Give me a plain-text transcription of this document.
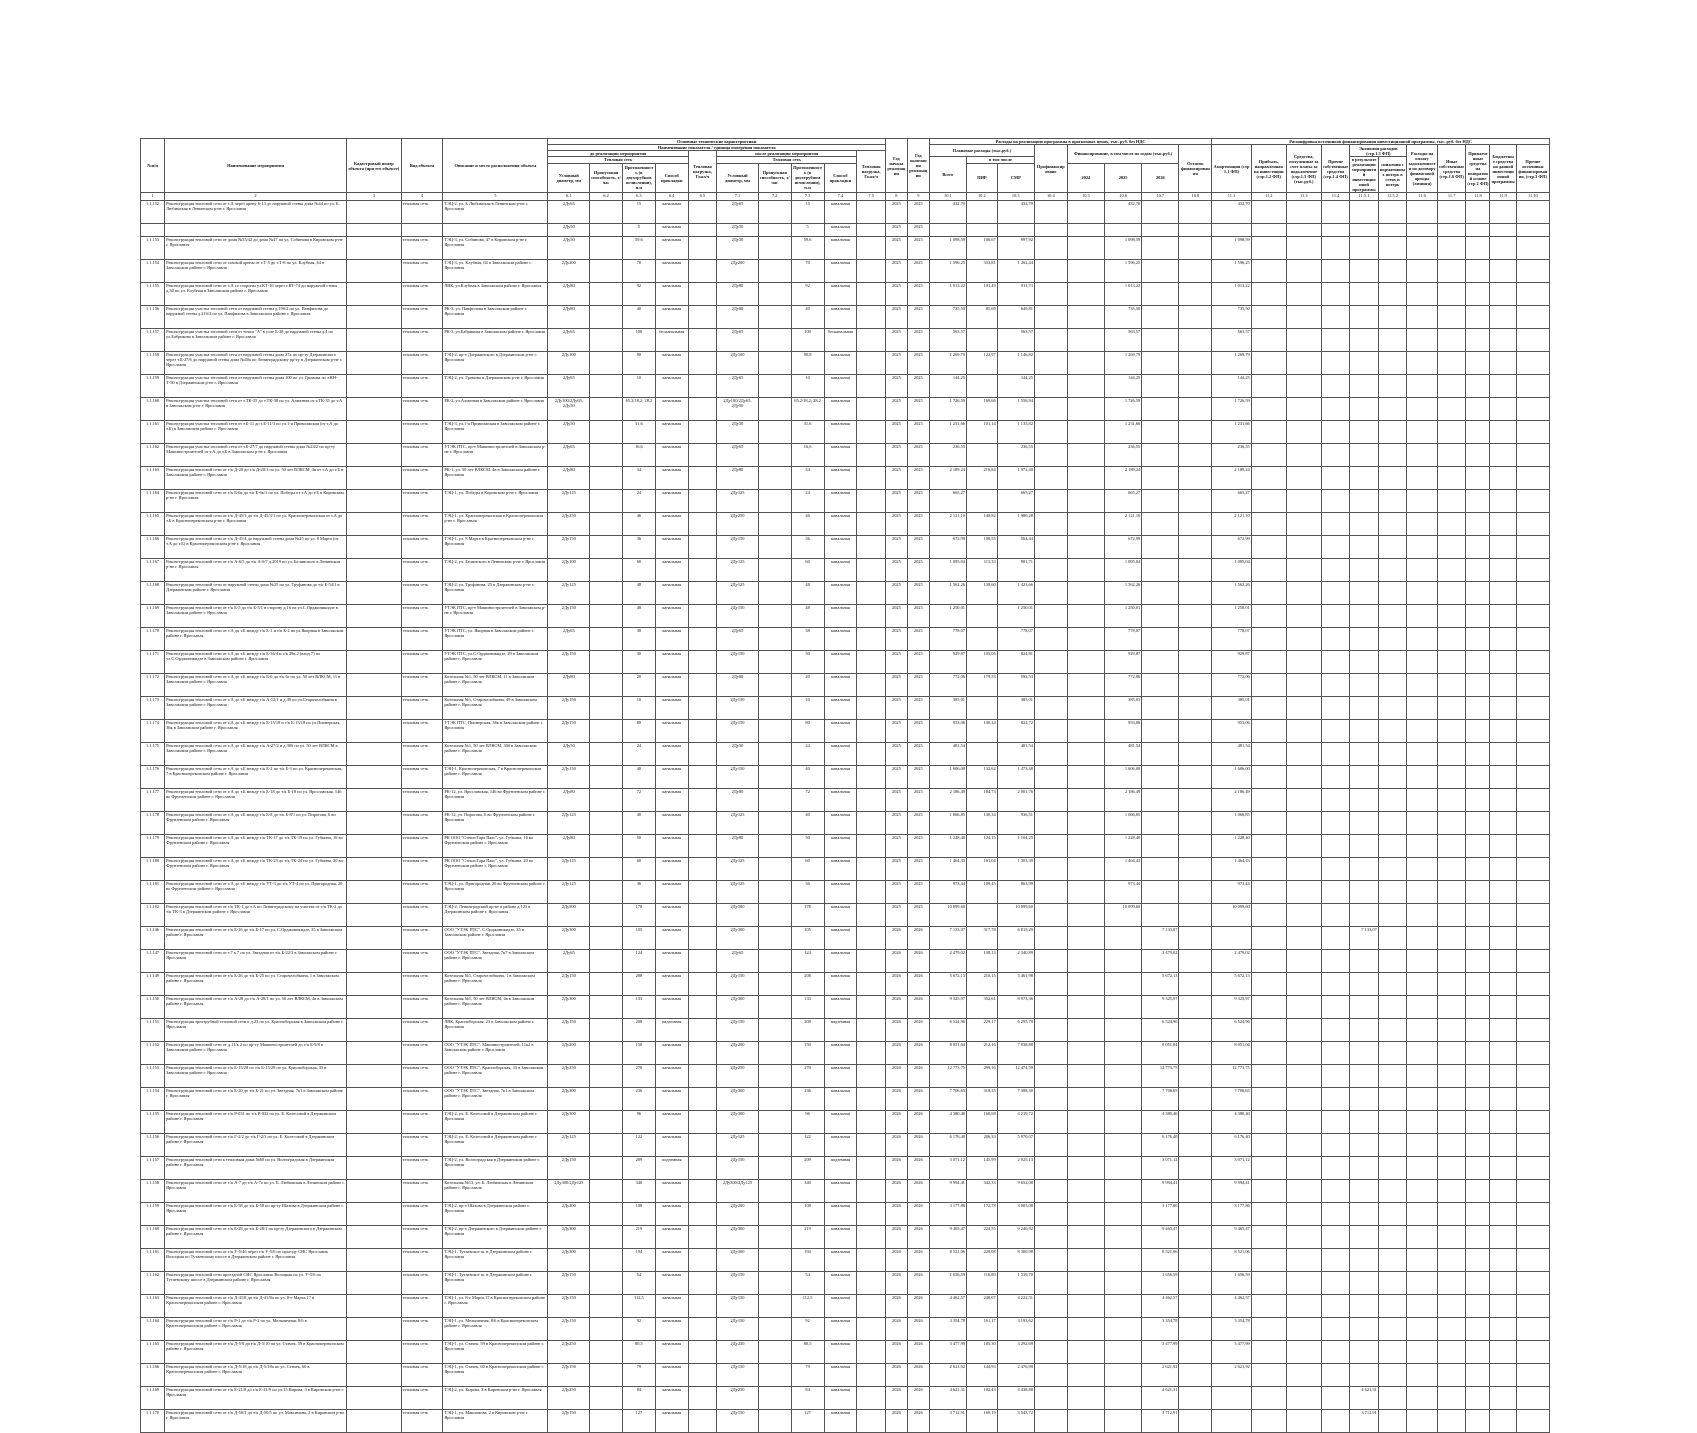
№п/п	Наименование мероприятия	Кадастровый номер объекта (при его объекте)	Вид объекта	Описание и место расположения объекта	Основные технические характеристики										Год начала реализации	Год окончания реализации	Расходы на реализацию программы в прогнозных ценах, тыс. руб. без НДС								Расшифровка источников финансирования инвестиционной программы, тыс. руб. без НДС										
					Наименование показателя / единица измерения показателя												Плановые расходы (тыс.руб.)			Профинансировано	Финансирование, в том числе по годам (тыс.руб.)			Остаток финансирования	Амортизация (стр 1.1 ФП)	Прибыль, направленная на инвестиции (стр.1.2 ФП)	Средства, полученные за счет платы за подключение (стр.1.3 ФП) (тыс.руб.)	Прочие собственные средства (стр.1.4 ФП)	Экономия расходов (стр.1.5 ФП)		Расходы на оплату задолженности по договору финансовой аренды (лизинга)	Иные собственные средства (стр.1.6 ФП)	Привлеченные средства на возвратной основе (стр 2 ФП)	Бюджетные средства на данной инвестиционной программы	Прочие источники финансирования, (стр.3 ФП)
					до реализации мероприятия				Тепловая нагрузка, Гкал/ч	после реализации мероприятия				Тепловая нагрузка, Гкал/ч																					
					Тепловая сеть					Тепловая сеть							Всего	в том числе											в результате реализации мероприятий инвестиционной программы	снижения с нормативных потерь в сетях и потерь					
					Условный диаметр, мм	Пропускная способность, т/час	Протяженность (в двухтрубном исчислении), п.м	Способ прокладки		Условный диаметр, мм	Пропускная способность, т/час	Протяженность (в двухтрубном исчислении), п.м	Способ прокладки					ПИР	СМР		2024	2025	2026												
1	2	3	4	5	6.1	6.2	6.3	6.4	6.5	7.1	7.2	7.3	7.4	7.5	8	9	10.1	10.2	10.3	10.4	10.5	10.6	10.7	10.8	11.1	11.2	11.3	11.4	11.5.1	11.5.2	11.6	11.7	11.8	11.9	11.10
1.1.152	Реконструкция тепловой сети от т.А через арену 6-13 до наружной стены дома №44 по ул. Б. Любимская в Ленинском р-не г. Ярославля		тепловая сеть	ТЭЦ-2, ул. Б.Любимская в Ленинском р-не г. Ярославля	2Ду65		15	канальная		2Ду65		15	канальная		2025	2025	432,70		432,70			432,70			432,70										
					2Ду50		5	канальная		2Ду50		5	канальная		2025	2025																			
1.1.153	Реконструкция тепловой сети от дома №55/42 до дома №47 по ул. Собинова в Кировском р-не г. Ярославля		тепловая сеть	ТЭЦ-3, ул. Собинова, 47 в Кировском р-не г. Ярославля	2Ду50		59,6	канальная		2Ду50		59,6	канальная		2025	2025	1 098,59	100,67	997,92			1 098,59			1 098,59										
1.1.154	Реконструкция тепловой сети от газовой арены от т.Т-5 до т.Т-6 по ул. Клубная, 64 в Заволжском районе г. Ярославля		тепловая сеть	ТЭЦ-3, ул. Клубная, 64 в Заволжском районе г. Ярославля	2Ду200		70	канальная		2Ду200		70	канальная		2025	2025	1 596,25	333,81	1 262,44			1 596,25			1 596,25										
1.1.155	Реконструкция тепловой сети от т.А со стороны ул.КТ-16 через т.КТ-74 до наружной стены д.30 по ул. Клубная в Заволжском районе г. Ярославля		тепловая сеть	ЛВК, ул.Клубная в Заволжском районе г. Ярославля	2Ду80		92	канальная		2Ду80		92	канальная		2025	2025	1 013,22	101,49	911,73			1 013,22			1 013,22										
1.1.156	Реконструкция участка тепловой сети от наружной стены д.19б/2 по ул. Панфилова до наружной стены д.21б/2 по ул. Панфилова в Заволжском районе г. Ярославля		тепловая сеть	РК-5, ул. Панфилова в Заволжском районе г. Ярославля	2Ду80		40	канальная		2Ду80		40	канальная		2025	2025	735,50	85,69	649,81			735,50			735,50										
1.1.157	Реконструкция участка тепловой сети от точки "А" в узле Б-28 до наружной стены д.4 по ул.Бабрикова в Заволжском районе г. Ярославля		тепловая сеть	РК-5, ул.Бабрикова в Заволжском районе г. Ярославля	2Ду65		100	бесканальная		2Ду65		100	бесканальная		2025	2025	563,57		563,57			563,57			563,57										
1.1.158	Реконструкция участка тепловой сети от наружной стены дома 27а по пр-ту Дзержинского через т.Б-27/6 до наружной стены дома №40а по Ленинградскому пр-ту в Дзержинском р-не г. Ярославля		тепловая сеть	ТЭЦ-2, пр-т Дзержинского в Дзержинском р-не г. Ярославля	2Ду100		90	канальная		2Ду100		90,8	канальная		2025	2025	1 269,79	122,97	1 146,82			1 269,79			1 269,79										
1.1.159	Реконструкция участка тепловой сети от наружной стены дома 100 по ул. Громова по т.КН-Т-50 в Дзержинском р-не г. Ярославля		тепловая сеть	ТЭЦ-2, ул. Громова в Дзержинском р-не г. Ярославля	2Ду65		10	канальная		2Ду65		10	канальная		2025	2025	144,25		144,25			144,25			144,25										
1.1.160	Реконструкция участка тепловой сети от т.ТК-35 до т.ТК-38 по ул. Алмазная от т.ТК-35 до т.А в Заволжском р-не г. Ярославля		тепловая сеть	РК-2, ул.Алмазная в Заволжском районе г. Ярославля	2Ду100/2Ду65, 2Ду50		65,2/18,2; 28,2	канальная		2Ду100/2Ду65, 2Ду50		65,2/18,2; 28,2	канальная		2025	2025	1 726,59	169,66	1 556,94			1 726,59			1 726,59										
1.1.161	Реконструкция участка тепловой сети от т.Б-11 до т.Б-11/3 по ул.1-я Приволжская (от т.А до т.Б) в Заволжском районе г. Ярославля		тепловая сеть	ТЭЦ-3, ул.1-я Приволжская в Заволжском районе г. Ярославля	2Ду50		31,6	канальная		2Ду50		31,6	канальная		2025	2025	1 231,66	101,14	1 135,82			1 231,66			1 231,66										
1.1.162	Реконструкция участка тепловой сети от т.Б-27/7 до наружной стены дома №24/2 по пр-ту Машиностроителей от т.А до т.Б в Заволжском р-не г. Ярославля		тепловая сеть	УТЭК ПТС, пр-т Машиностроителей в Заволжском р-не г. Ярославля	2Ду65		16,6	канальная		2Ду65		16,6	канальная		2025	2025	236,55		236,55			236,55			236,55										
1.1.163	Реконструкция тепловой сети от т/к Д-20 до т/к Д-20/1 по ул. 50 лет ВЛКСМ, 4в от т.А до т.Б в Заволжском районе г. Ярославля		тепловая сеть	РК-1, ул. 50 лет ВЛКСМ, 4в в Заволжском районе г. Ярославля	2Ду80		34	канальная		2Ду80		34	канальная		2025	2025	2 189,24	216,84	1 972,40			2 189,24			2 189,24										
1.1.164	Реконструкция тепловой сети от т/к Б-6к до т/к Б-6к/1 по ул. Победы от т.А до т.Б в Кировском р-не г. Ярославля		тепловая сеть	ТЭЦ-1, ул. Победы в Кировском р-не г. Ярославля	2Ду125		24	канальная		2Ду125		24	канальная		2025	2025	665,27		665,27			665,27			665,27										
1.1.165	Реконструкция тепловой сети от т/к Д-45/3 до т/к Д-45/3/1 по ул. Красноперекопская от т.А до т.Б в Красноперекопском р-не г. Ярославля		тепловая сеть	ТЭЦ-1, ул. Красноперекопская в Красноперекопском р-не г. Ярославля	2Ду250		46	канальная		2Ду250		46	канальная		2025	2025	2 121,10	140,82	1 980,28			2 121,10			2 121,10										
1.1.166	Реконструкция тепловой сети от т/к Д-41/4 до наружной стены дома №25 по ул. 8 Марта (от т.А до т.Б) в Красноперекопском р-не г. Ярославля		тепловая сеть	ТЭЦ-1, ул. 8 Марта в Красноперекопском р-не г. Ярославля	2Ду150		36	канальная		2Ду150		36	канальная		2025	2025	672,99	108,55	564,44			672,99			672,99										
1.1.167	Реконструкция тепловой сети от т/к А-6/5 до т/к А-6/7 д.2019 по ул. Белинского в Ленинском р-не г. Ярославля		тепловая сеть	ТЭЦ-2, ул. Белинского в Ленинском р-не г. Ярославля	2Ду100		60	канальная		2Ду125		60	канальная		2025	2025	1 095,04	113,33	981,71			1 095,04			1 095,04										
1.1.168	Реконструкция тепловой сети от наружной стены дома №25 по ул. Труфанова до т/к Б-54/1 в Дзержинском районе г. Ярославля		тепловая сеть	ТЭЦ-2, ул. Труфанова, 25 в Дзержинском р-не г. Ярославля	2Ду125		48	канальная		2Ду125		48	канальная		2025	2025	1 562,26	138,60	1 423,66			1 562,26			1 562,26										
1.1.169	Реконструкция тепловой сети от т/к Б-5 до т/к Б-5/1 в сторону д.16 на ул.С.Орджоникидзе в Заволжском районе г. Ярославля		тепловая сеть	УТЭК ПТС, пр-т Машиностроителей в Заволжском р-не г. Ярославля	2Ду150		48	канальная		2Ду150		48	канальная		2025	2025	1 250,01		1 250,01			1 250,01			1 250,01										
1.1.170	Реконструкция тепловой сети от т.А до т.Б между т/к Б-1 и т/к Б-2 на ул.Якорная в Заволжском районе г. Ярославля		тепловая сеть	УТЭК ПТС, ул. Якорная в Заволжском районе г. Ярославля	2Ду65		38	канальная		2Ду65		38	канальная		2025	2025	778,07		778,07			778,07			778,07										
1.1.171	Реконструкция тепловой сети от т.А до т.Б между т/к Б-36/4 и т/к 29к,2 (вход 7) по ул.С.Орджоникидзе в Заволжском районе г. Ярославля		тепловая сеть	УТЭК ПТС, ул.С.Орджоникидзе, 29 в Заволжском районе г. Ярославля	2Ду150		30	канальная		2Ду150		30	канальная		2025	2025	929,87	105,06	824,81			929,87			929,87										
1.1.172	Реконструкция тепловой сети от т.А до т.Б между т/к Б-6 до т/к 6г по ул. 50 лет ВЛКСМ, 11 в Заволжском районе г. Ярославля		тепловая сеть	Котельная №1, 50 лет ВЛКСМ, 11 в Заволжском районе г. Ярославля	2Ду80		20	канальная		2Ду80		20	канальная		2025	2025	772,06	179,53	592,53			772,06			772,06										
1.1.173	Реконструкция тепловой сети от т.А до т.Б между т/к А-12/1 и д.49 по ул.Старочелобкина в Заволжском районе г. Ярославля		тепловая сеть	Котельная №1, Старочелобкина, 49 в Заволжском районе г. Ярославля	2Ду150		10	канальная		2Ду150		10	канальная		2025	2025	385,01		385,01			385,01			385,01										
1.1.174	Реконструкция тепловой сети от т.А до т.Б между т/к Б-15/18 и т/к Б-15/18 по ул.Пионерская, 36к в Заволжском районе г. Ярославля		тепловая сеть	УТЭК ПТС, Пионерская, 36к в Заволжском районе г. Ярославля	2Ду150		80	канальная		2Ду150		80	канальная		2025	2025	953,06	130,34	822,72			953,06			953,06										
1.1.175	Реконструкция тепловой сети от т.А до т.Б между т/к А-27/2 и д.30б по ул. 50 лет ВЛКСМ в Заволжском районе г. Ярославля		тепловая сеть	Котельная №1, 50 лет ВЛКСМ, 30б в Заволжском районе г. Ярославля	2Ду50		24	канальная		2Ду50		24	канальная		2025	2025	481,54		481,54			481,54			481,54										
1.1.176	Реконструкция тепловой сети от т.А до т.Б между т/к Б-2 по т/к Б-3 по ул. Красноперекопская, 7 в Красноперекопском районе г. Ярославля		тепловая сеть	ТЭЦ-1, Красноперекопская, 7 в Красноперекопском районе г. Ярославля	2Ду150		40	канальная		2Ду150		40	канальная		2025	2025	1 606,00	132,62	1 473,38			1 606,00			1 606,00										
1.1.177	Реконструкция тепловой сети от т.А до т.Б между т/к Б-18 до т/к Б-18 по ул. Ярославская, 146 во Фрунзенском районе г. Ярославля		тепловая сеть	РК-12, ул. Ярославская, 146 во Фрунзенском районе г. Ярославля	2Ду80		72	канальная		2Ду80		72	канальная		2025	2025	2 186,49	184,73	2 001,76			2 186,49			2 186,49										
1.1.178	Реконструкция тепловой сети от т.А до т.Б между т/к Б-8 до т/к Б-8/1 по ул. Пирогова, 6 во Фрунзенском районе г. Ярославля		тепловая сеть	РК-12, ул. Пирогова, 6 во Фрунзенском районе г. Ярославля	2Ду125		40	канальная		2Ду125		40	канальная		2025	2025	1 066,85	130,34	936,51			1 066,85			1 066,85										
1.1.179	Реконструкция тепловой сети от т.А до т.Б между т/к ТК-17 до т/к ТК-19 по ул. Губкина, 16 во Фрунзенском районе г. Ярославля		тепловая сеть	РК ООО "СтеклоТара Пакс", ул. Губкина, 16 во Фрунзенском районе г. Ярославля	2Ду80		50	канальная		2Ду80		50	канальная		2025	2025	1 228,40	124,15	1 104,25			1 228,40			1 228,40										
1.1.180	Реконструкция тепловой сети от т.А до т.Б между т/к ТК-23 до т/к ТК-24 по ул. Губкина, 20 во Фрунзенском районе г. Ярославля		тепловая сеть	РК ООО "СтеклоТара Пакс", ул. Губкина, 20 во Фрунзенском районе г. Ярославля	2Ду125		60	канальная		2Ду125		60	канальная		2025	2025	1 464,43	161,04	1 303,39			1 464,43			1 464,43										
1.1.181	Реконструкция тепловой сети от т.А до т.Б между т/к УТ-3 до т/к УТ-4 по ул. Пригородная, 20 во Фрунзенском районе г. Ярославля		тепловая сеть	ТЭЦ-1, ул. Пригородная, 20 во Фрунзенском районе г. Ярославля	2Ду125		36	канальная		2Ду125		36	канальная		2025	2025	973,44	109,45	863,99			973,44			973,44										
1.1.182	Реконструкция тепловой сети от т/к ТК-1 до т.А по Ленинградскому на участке от т/к ТК-2 до т/к ТК-3 в Дзержинском районе г. Ярославля		тепловая сеть	ТЭЦ-2, Ленинградский пр-кт в районе д.123 в Дзержинском районе г. Ярославля	2Ду500		178	канальная		2Ду500		178	канальная		2025	2025	10 099,60		10 099,60			10 099,60			10 099,60										
1.1.146	Реконструкция тепловой сети от т/к Б-16 до т/к Б-17 по ул. С.Орджоникидзе, 35 в Заволжском районе г. Ярославля		тепловая сеть	ООО "УТЭК ПТС", С.Орджоникидзе, 35 в Заволжском районе г. Ярославля	2Ду300		105	канальная		2Ду300		105	канальная		2026	2026	7 133,07	317,78	6 815,29				7 133,07						7 133,07						
1.1.147	Реконструкция тепловой сети от т.7 к 7 по ул. Звездная от т/к Б-22/3 в Заволжском районе г. Ярославля		тепловая сеть	ООО "УТЭК ПТС", Звездная, 7к7 в Заволжском районе г. Ярославля	2Ду65		124	канальная		2Ду65		124	канальная		2026	2026	2 479,02	138,13	2 340,89				2 479,02		2 479,02										
1.1.149	Реконструкция тепловой сети от т/к Б-26 до т/к Б-25 по ул. Старочелобкина, 1 в Заволжском районе г. Ярославля		тепловая сеть	Котельная №1, Старочелобкина, 1 в Заволжском районе г. Ярославля	2Ду150		208	канальная		2Ду150		208	канальная		2026	2026	5 672,13	210,15	5 461,98				5 672,13		5 672,13										
1.1.150	Реконструкция тепловой сети от т/к А-28 до т/к А-28/1 по ул. 50 лет ВЛКСМ, 4в в Заволжском районе г. Ярославля		тепловая сеть	Котельная №1, 50 лет ВЛКСМ, 4в в Заволжском районе г. Ярославля	2Ду300		133	канальная		2Ду300		133	канальная		2026	2026	9 325,97	352,61	8 973,36				9 325,97		9 325,97										
1.1.151	Реконструкция трехтрубной тепловой сети к д.23 по ул. Красноборская в Заволжском районе г. Ярославля		тепловая сеть	ЛВК, Красноборская, 23 в Заволжском районе г. Ярославля	2Ду150		208	надземная		2Ду150		208	надземная		2026	2026	6 524,96	229,17	6 295,79				6 524,96		6 524,96										
1.1.152	Реконструкция тепловой сети от д.11/к 2 по пр-ту Машиностроителей до т/к Б-9/8 в Заволжском районе г. Ярославля		тепловая сеть	ООО "УТЭК ПТС", Машиностроителей, 11к2 в Заволжском районе г. Ярославля	2Ду200		150	канальная		2Ду200		150	канальная		2026	2026	8 051,04	212,16	7 838,88				8 051,04		8 051,04										
1.1.153	Реконструкция тепловой сети от т/к Б-15/28 по т/к Б-15/29 по ул. Красноборская, 33 в Заволжском районе г. Ярославля		тепловая сеть	ООО "УТЭК ПТС", Красноборская, 33 в Заволжском районе г. Ярославля	2Ду250		270	канальная		2Ду250		270	канальная		2026	2026	12 773,75	299,16	12 474,59				12 773,75		12 773,75										
1.1.154	Реконструкция тепловой сети от т/к Б-20 до т/к Б-21 по ул. Звездная, 7к1 в Заволжском районе г. Ярославля		тепловая сеть	ООО "УТЭК ПТС", Звездная, 7к1 в Заволжском районе г. Ярославля	2Ду300		236	канальная		2Ду300		236	канальная		2026	2026	7 706,65	318,35	7 388,30				7 706,65		7 706,65										
1.1.155	Реконструкция тепловой сети от т/к Р-031 по т/к Р-032 по ул. Е. Колесовой в Дзержинском районе г. Ярославля		тепловая сеть	ТЭЦ-2, ул. Е. Колесовой в Дзержинском районе г. Ярославля	2Ду300		96	канальная		2Ду300		96	канальная		2026	2026	4 380,40	160,68	4 219,72				4 380,40		4 380,40										
1.1.156	Реконструкция тепловой сети от т/к Г-2/2 до т/к Г-2/3 по ул. Е. Колесовой в Дзержинском районе г. Ярославля		тепловая сеть	ТЭЦ-2, ул. Е. Колесовой в Дзержинском районе г. Ярославля	2Ду125		122	канальная		2Ду125		122	канальная		2026	2026	6 176,40	206,33	5 970,07				6 176,40		6 176,40										
1.1.157	Реконструкция тепловой сети к тепловым дома №60 по ул. Волгоградская в Дзержинском районе г. Ярославля		тепловая сеть	ТЭЦ-2, ул. Волгоградская в Дзержинском районе г. Ярославля	2Ду150		209	подземная		2Ду150		209	подземная		2026	2026	3 071,12	145,99	2 925,13				3 071,12		3 071,12										
1.1.158	Реконструкция тепловой сети от т/к А-7 до т/к А-7а по ул. Б. Любимская в Ленинском районе г. Ярославля		тепловая сеть	Котельная №13, ул. Б. Любимская в Ленинском районе г. Ярославля	2Ду300/2Ду125		340	канальная		2Ду300/2Ду125		340	канальная		2026	2026	9 994,41	342,33	9 652,08				9 994,41		9 994,41										
1.1.159	Реконструкция тепловой сети от т/к Б-58 до т/к Б-58 по пр-ту Шахова в Дзержинском районе г. Ярославля		тепловая сеть	ТЭЦ-2, пр-т Шахова в Дзержинском районе г. Ярославля	2Ду200		108	канальная		2Ду200		108	канальная		2026	2026	3 177,86	172,78	3 005,08				3 177,86		3 177,86										
1.1.160	Реконструкция тепловой сети от т/к Б-28 до т/к Б-28/1 по пр-ту Дзержинского в Дзержинском районе г. Ярославля		тепловая сеть	ТЭЦ-2, пр-т Дзержинского в Дзержинском районе г. Ярославля	2Ду300		219	канальная		2Ду300		219	канальная		2026	2026	9 465,47	224,55	9 240,92				9 465,47		9 465,47										
1.1.161	Реконструкция тепловой сети от т/к У-5/4б через т/к У-5/6 по проезду СИС Ярославль Волоцкая по Тутаевскому шоссе в Дзержинском районе г. Ярославля		тепловая сеть	ТЭЦ-1, Тутаевское ш. в Дзержинском районе г. Ярославля	2Ду300		194	канальная		2Ду300		194	канальная		2026	2026	8 521,06	220,08	8 300,98				8 521,06		8 521,06										
1.1.162	Реконструкция тепловой сети проездной СИС Ярославль Волоцкая по ул. У-5/6 по Тутаевскому шоссе в Дзержинском районе г. Ярославля		тепловая сеть	ТЭЦ-1, Тутаевское ш. в Дзержинском районе г. Ярославля	2Ду150		54	канальная		2Ду150		54	канальная		2026	2026	1 656,59	116,80	1 539,79				1 656,59		1 656,59										
1.1.163	Реконструкция тепловой сети от т/к Д-41/8 до т/к Д-41/8а по ул. 8-е Марта,17 в Красноперекопском районе г. Ярославля		тепловая сеть	ТЭЦ-1, ул. 8-е Марта,17 в Красноперекопском районе г. Ярославля	2Ду150		112,5	канальная		2Ду150		112,5	канальная		2026	2026	4 462,57	240,07	4 222,51				4 462,57		4 462,57										
1.1.164	Реконструкция тепловой сети от т/к Р-1 до т/к Р-2 по ул. Мельничная, 8/6 в Красноперекопском районе г. Ярославля		тепловая сеть	ТЭЦ-1, ул. Мельничная, 8/6 в Красноперекопском районе г. Ярославля	2Ду150		92	канальная		2Ду150		92	канальная		2026	2026	3 354,78	161,17	3 193,62				3 354,78		3 354,78										
1.1.165	Реконструкция тепловой сети от т/к Д-5/9 до т/к Д-5/10 по ул. Стачек, 59 в Красноперекопском районе г. Ярославля		тепловая сеть	ТЭЦ-1, ул. Стачек, 59 в Красноперекопском районе г. Ярославля	2Ду250		80,5	канальная		2Ду250		80,5	канальная		2026	2026	3 477,99	185,30	3 292,69				3 477,99		3 477,99										
1.1.166	Реконструкция тепловой сети от т/к Д-5/18 до т/к Д-5/18а по ул. Стачек, 60 в Красноперекопском районе г. Ярославля		тепловая сеть	ТЭЦ-1, ул. Стачек, 60 в Красноперекопском районе г. Ярославля	2Ду150		79	канальная		2Ду150		79	канальная		2026	2026	2 621,92	144,93	2 476,99				2 621,92		2 621,92										
1.1.169	Реконструкция тепловой сети от т/к Е-21/8 до т/к Е-21/9 по ул.15 Кирова, 3 в Кировском р-не г. Ярославля		тепловая сеть	ТЭЦ-2, ул. Кирова, 3 в Кировском р-не г. Ярославля	2Ду250		84	канальная		2Ду250		84	канальная		2026	2026	4 621,31	182,43	4 438,88				4 621,31						4 621,31						
1.1.170	Реконструкция тепловой сети от т/к Д-50/1 до т/к Д-50/5 по ул. Максимова, 2 в Кировском р-не г. Ярославля		тепловая сеть	ТЭЦ-1, ул. Максимова, 2 в Кировском р-не г. Ярославля	2Ду150		127	канальная		2Ду150		127	канальная		2026	2026	3 712,91	169,19	3 543,72				3 712,91						3 712,91						
